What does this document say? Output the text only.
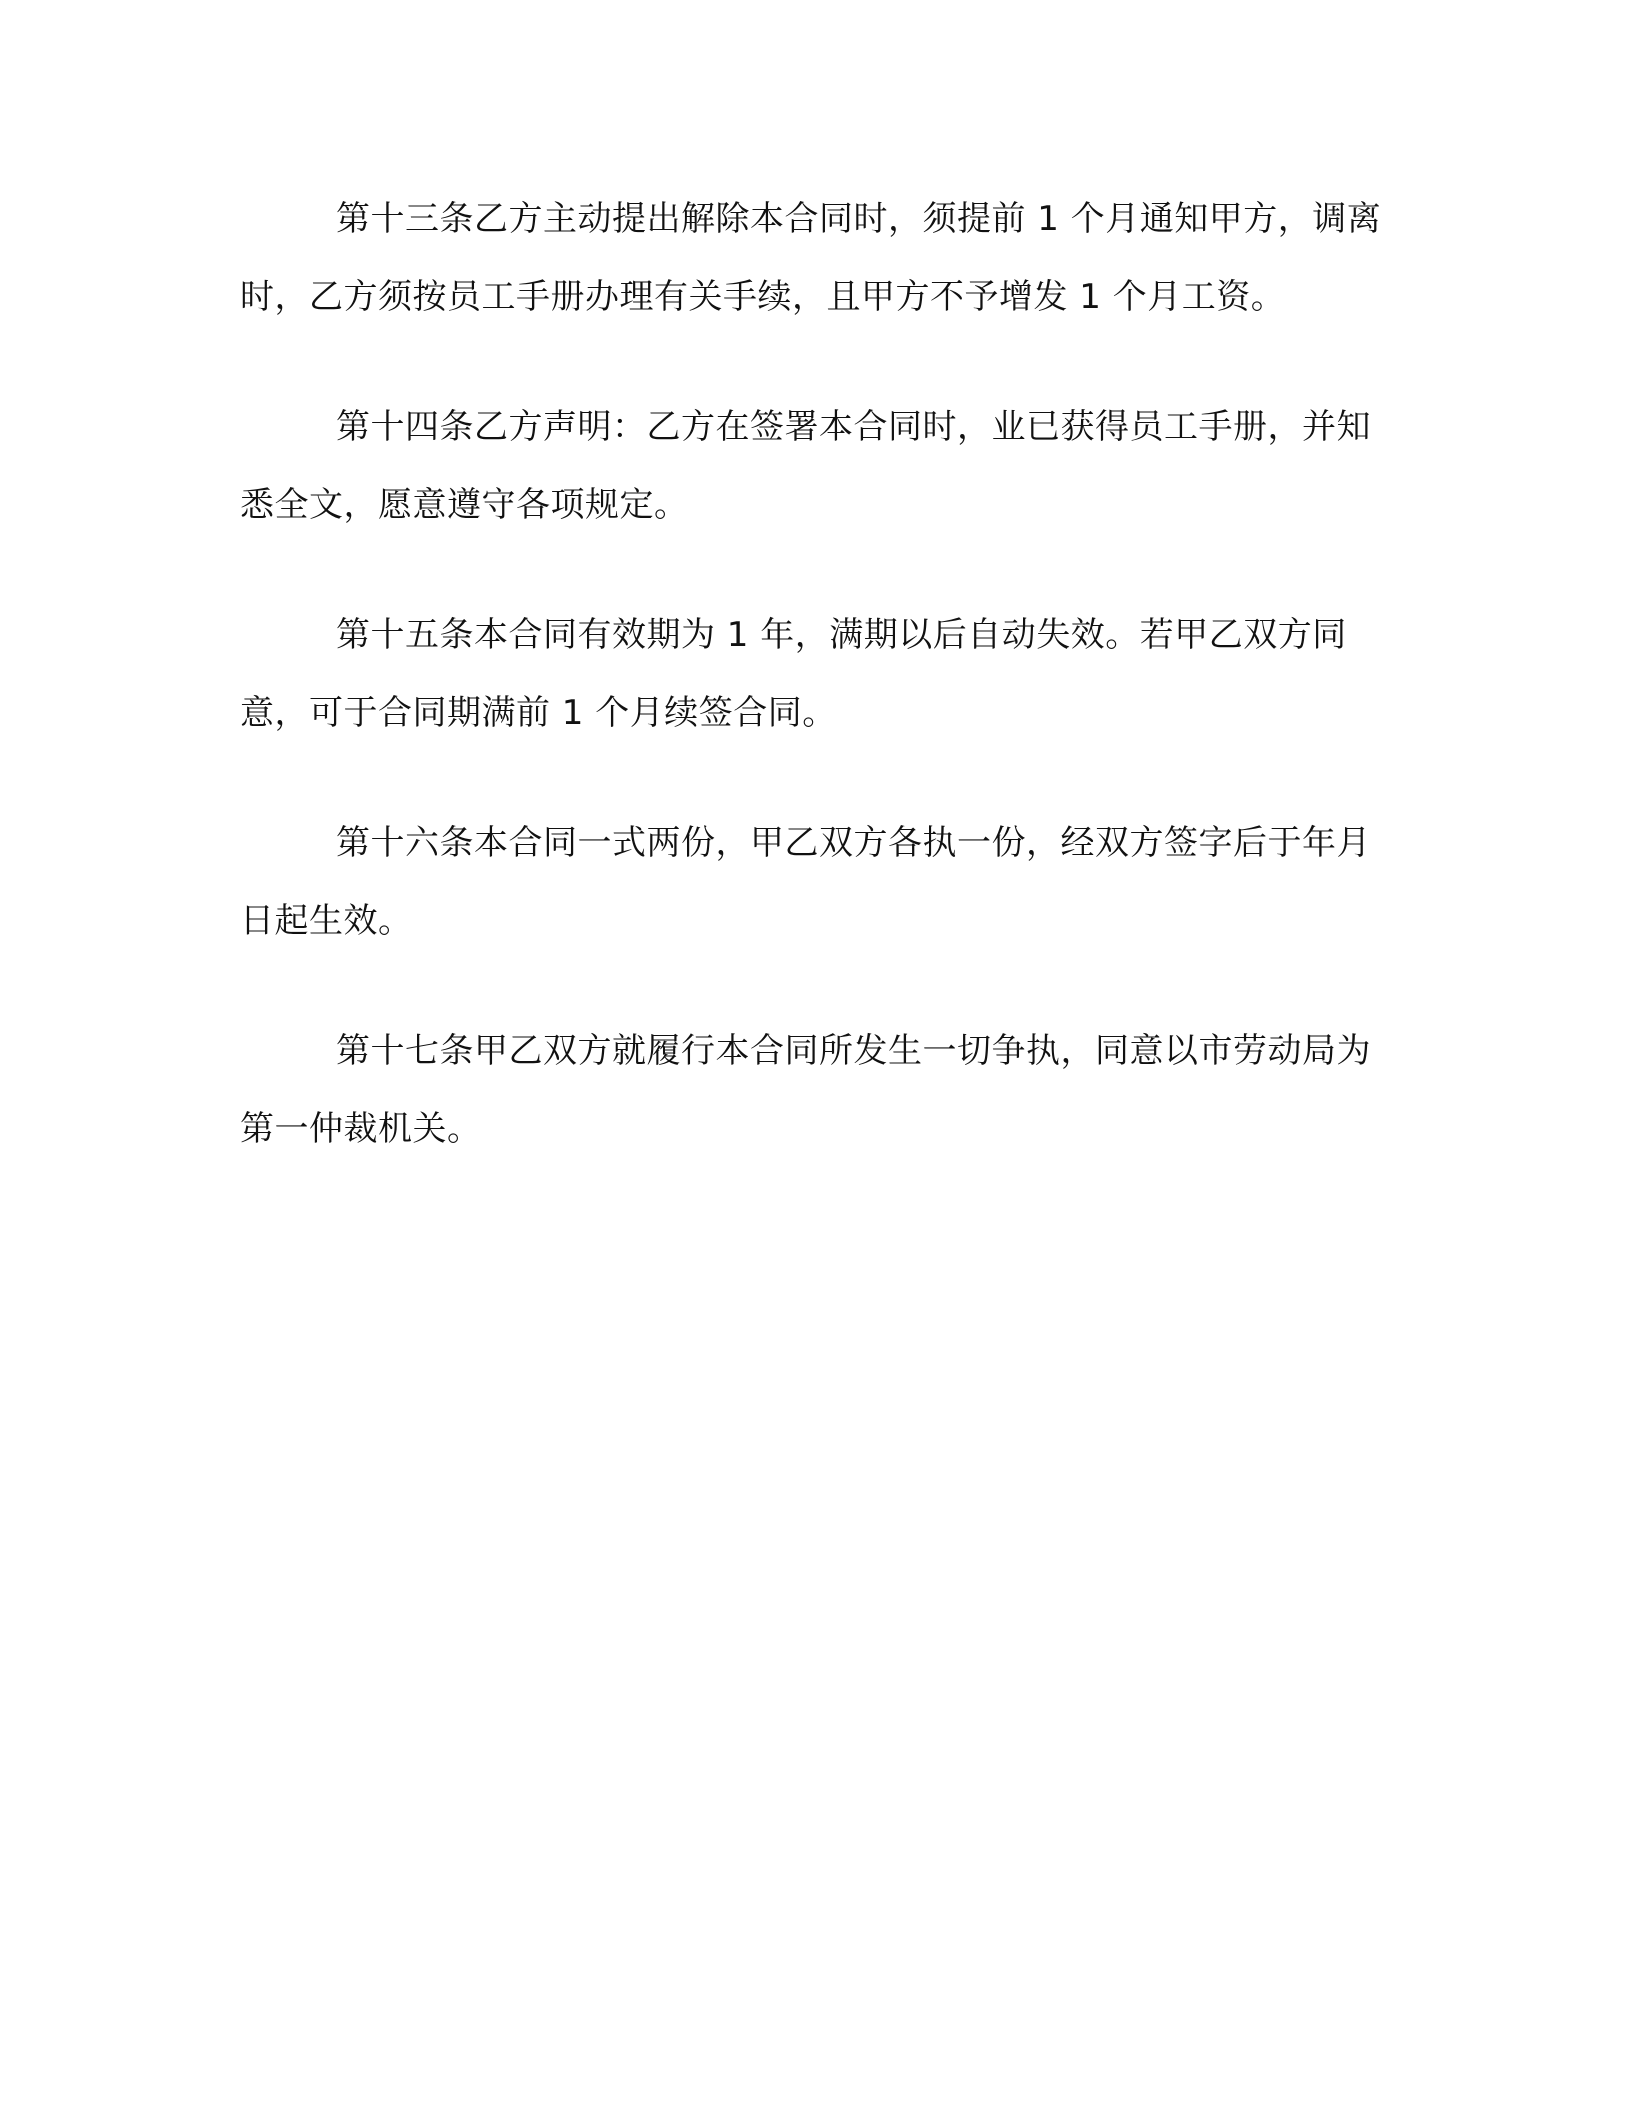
第十三条乙方主动提出解除本合同时，须提前 1 个月通知甲方，调离时，乙方须按员工手册办理有关手续，且甲方不予增发 1 个月工资。

第十四条乙方声明：乙方在签署本合同时，业已获得员工手册，并知悉全文，愿意遵守各项规定。

第十五条本合同有效期为 1 年，满期以后自动失效。若甲乙双方同意，可于合同期满前 1 个月续签合同。

第十六条本合同一式两份，甲乙双方各执一份，经双方签字后于年月 日起生效。

第十七条甲乙双方就履行本合同所发生一切争执，同意以市劳动局为第一仲裁机关。
